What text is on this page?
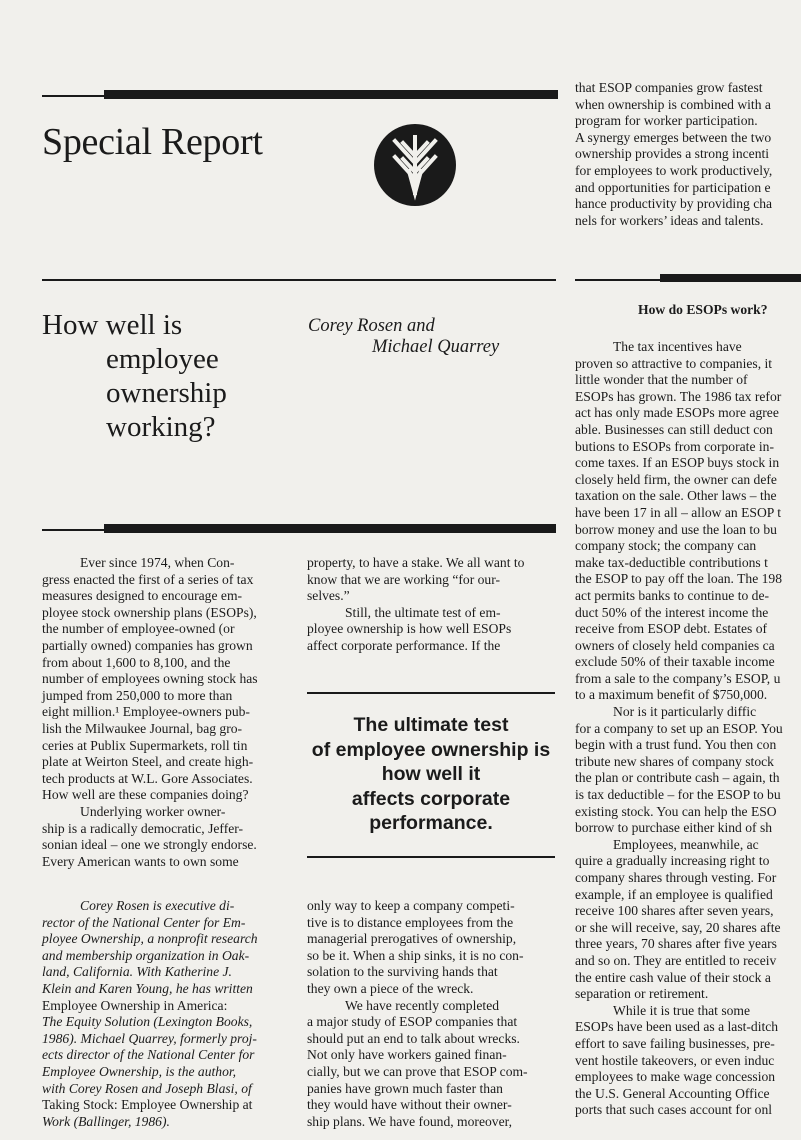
Special Report
How well is
employee
ownership
working?
Corey Rosen and
Michael Quarrey
Ever since 1974, when Con-
gress enacted the first of a series of tax
measures designed to encourage em-
ployee stock ownership plans (ESOPs),
the number of employee-owned (or
partially owned) companies has grown
from about 1,600 to 8,100, and the
number of employees owning stock has
jumped from 250,000 to more than
eight million.¹ Employee-owners pub-
lish the Milwaukee Journal, bag gro-
ceries at Publix Supermarkets, roll tin
plate at Weirton Steel, and create high-
tech products at W.L. Gore Associates.
How well are these companies doing?
Underlying worker owner-
ship is a radically democratic, Jeffer-
sonian ideal – one we strongly endorse.
Every American wants to own some
Corey Rosen is executive di-
rector of the National Center for Em-
ployee Ownership, a nonprofit research
and membership organization in Oak-
land, California. With Katherine J.
Klein and Karen Young, he has written
Employee Ownership in America:
The Equity Solution (Lexington Books,
1986). Michael Quarrey, formerly proj-
ects director of the National Center for
Employee Ownership, is the author,
with Corey Rosen and Joseph Blasi, of
Taking Stock: Employee Ownership at
Work (Ballinger, 1986).
property, to have a stake. We all want to
know that we are working “for our-
selves.”
Still, the ultimate test of em-
ployee ownership is how well ESOPs
affect corporate performance. If the
The ultimate test
of employee ownership is
how well it
affects corporate
performance.
only way to keep a company competi-
tive is to distance employees from the
managerial prerogatives of ownership,
so be it. When a ship sinks, it is no con-
solation to the surviving hands that
they own a piece of the wreck.
We have recently completed
a major study of ESOP companies that
should put an end to talk about wrecks.
Not only have workers gained finan-
cially, but we can prove that ESOP com-
panies have grown much faster than
they would have without their owner-
ship plans. We have found, moreover,
that ESOP companies grow fastest
when ownership is combined with a
program for worker participation.
A synergy emerges between the two
ownership provides a strong incenti
for employees to work productively,
and opportunities for participation e
hance productivity by providing cha
nels for workers’ ideas and talents.
How do ESOPs work?
The tax incentives have
proven so attractive to companies, it
little wonder that the number of
ESOPs has grown. The 1986 tax refor
act has only made ESOPs more agree
able. Businesses can still deduct con
butions to ESOPs from corporate in-
come taxes. If an ESOP buys stock in
closely held firm, the owner can defe
taxation on the sale. Other laws – the
have been 17 in all – allow an ESOP t
borrow money and use the loan to bu
company stock; the company can
make tax-deductible contributions t
the ESOP to pay off the loan. The 198
act permits banks to continue to de-
duct 50% of the interest income the
receive from ESOP debt. Estates of
owners of closely held companies ca
exclude 50% of their taxable income
from a sale to the company’s ESOP, u
to a maximum benefit of $750,000.
Nor is it particularly diffic
for a company to set up an ESOP. You
begin with a trust fund. You then con
tribute new shares of company stock
the plan or contribute cash – again, th
is tax deductible – for the ESOP to bu
existing stock. You can help the ESO
borrow to purchase either kind of sh
Employees, meanwhile, ac
quire a gradually increasing right to
company shares through vesting. For
example, if an employee is qualified
receive 100 shares after seven years,
or she will receive, say, 20 shares afte
three years, 70 shares after five years
and so on. They are entitled to receiv
the entire cash value of their stock a
separation or retirement.
While it is true that some
ESOPs have been used as a last-ditch
effort to save failing businesses, pre-
vent hostile takeovers, or even induc
employees to make wage concession
the U.S. General Accounting Office
ports that such cases account for onl
